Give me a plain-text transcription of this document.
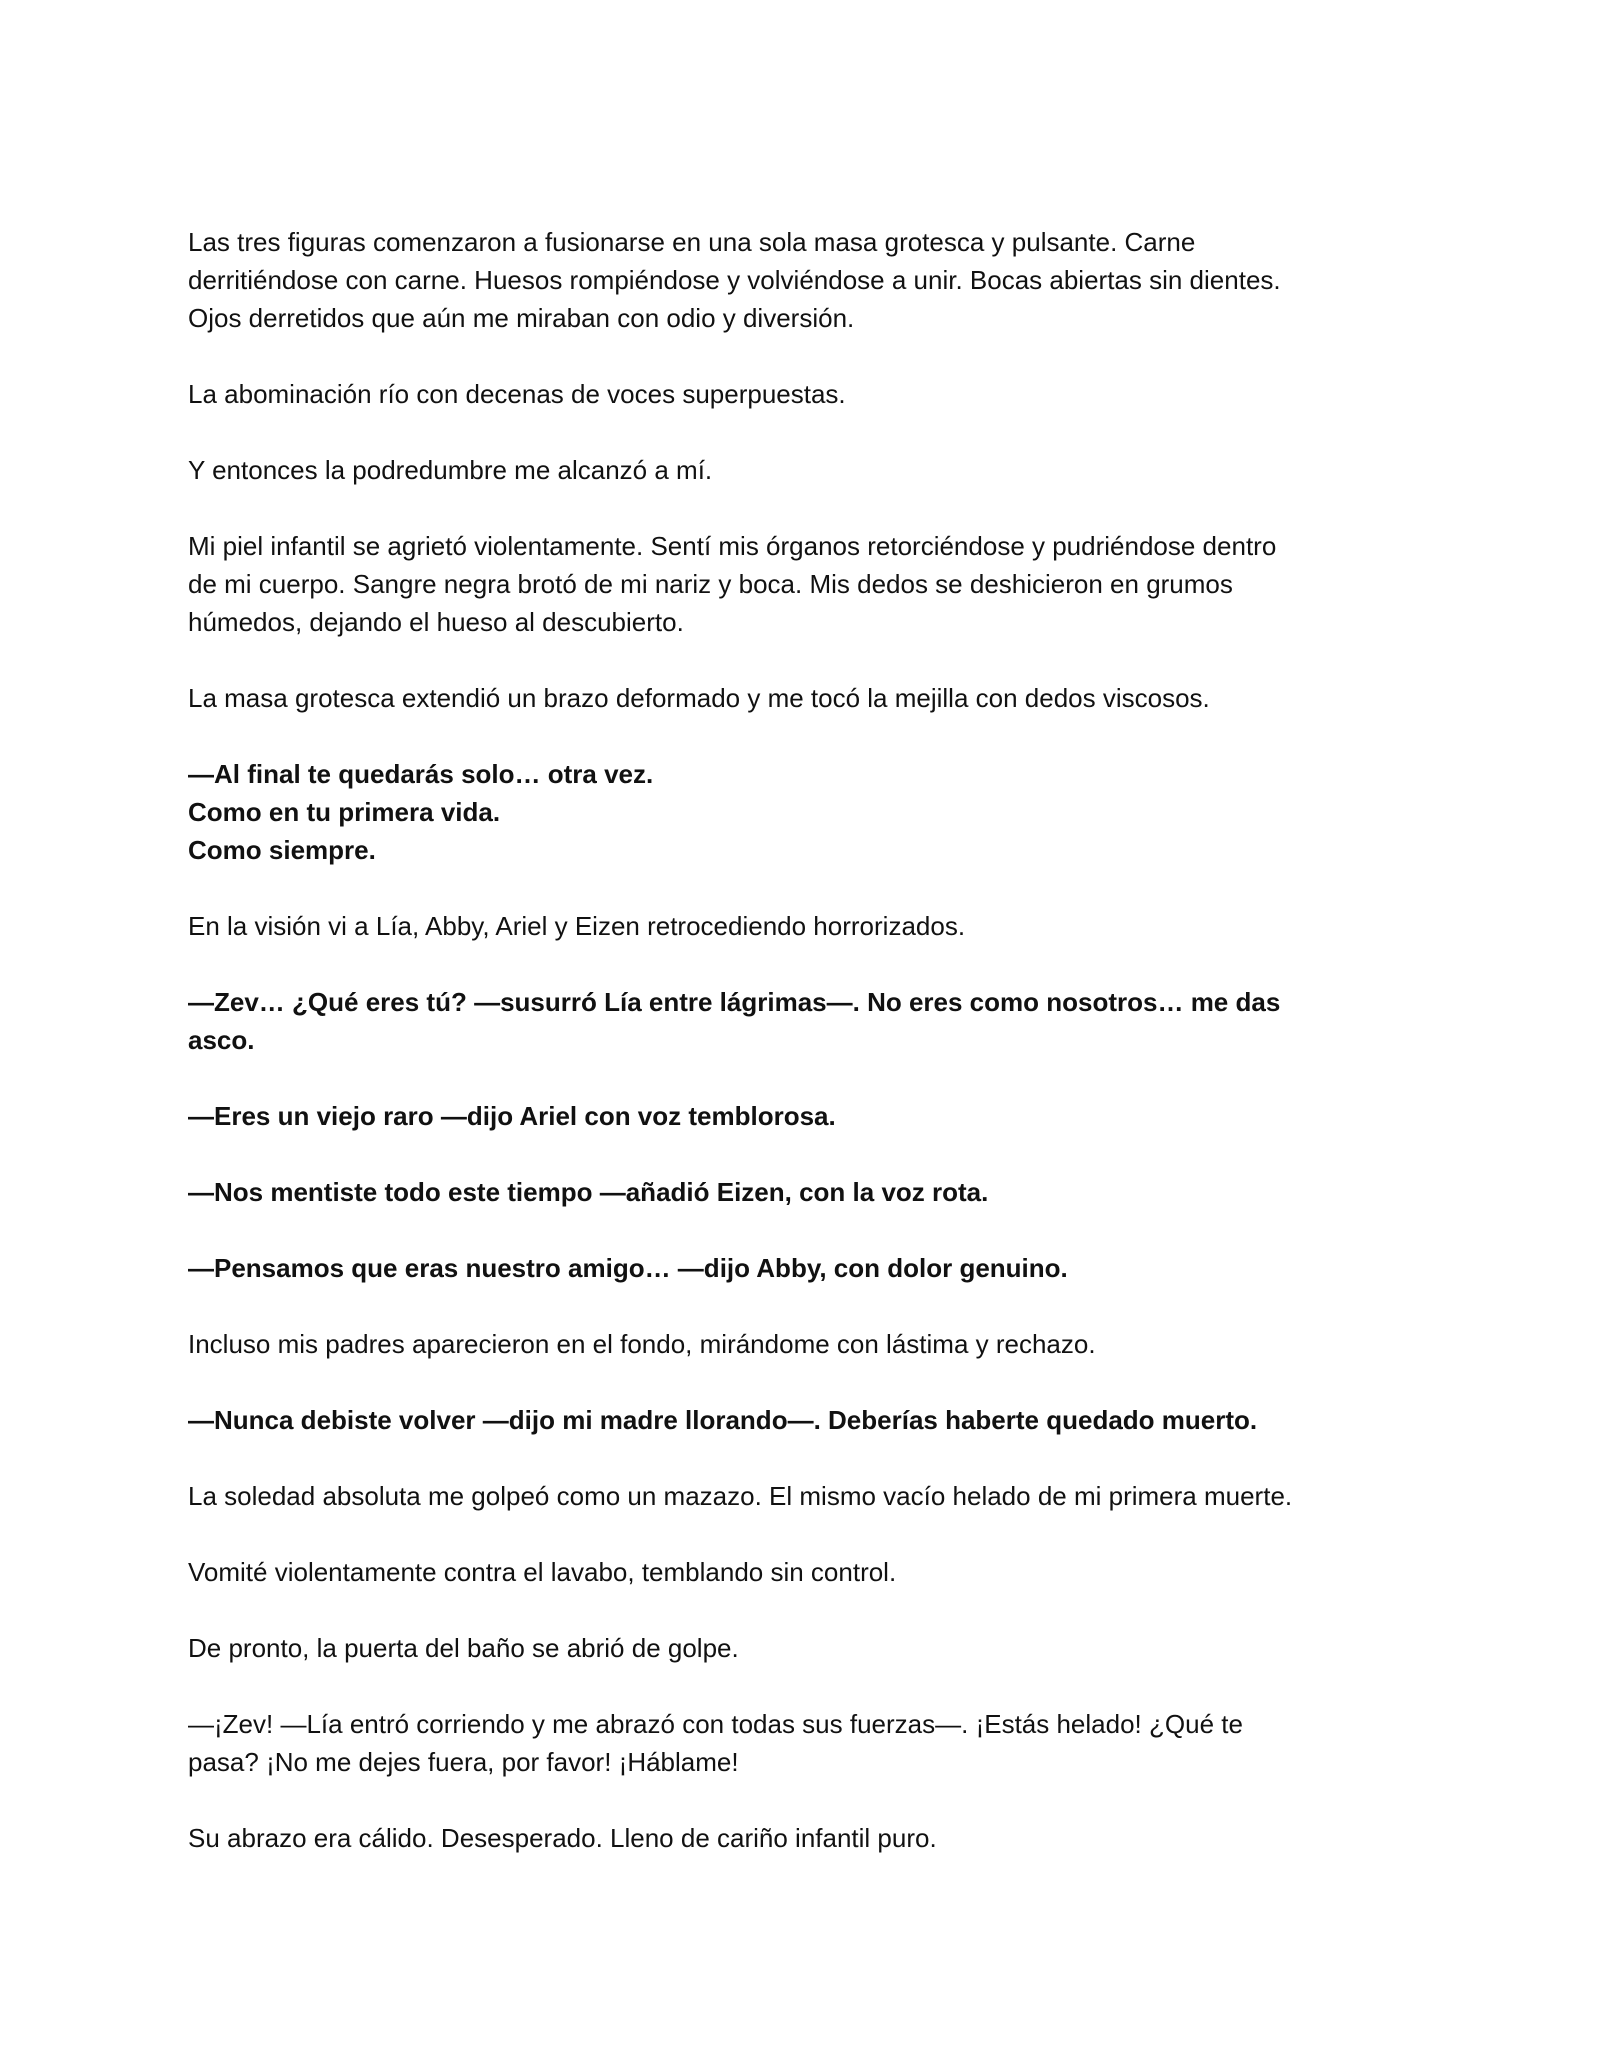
Las tres figuras comenzaron a fusionarse en una sola masa grotesca y pulsante. Carne
derritiéndose con carne. Huesos rompiéndose y volviéndose a unir. Bocas abiertas sin dientes.
Ojos derretidos que aún me miraban con odio y diversión.

La abominación río con decenas de voces superpuestas.

Y entonces la podredumbre me alcanzó a mí.

Mi piel infantil se agrietó violentamente. Sentí mis órganos retorciéndose y pudriéndose dentro
de mi cuerpo. Sangre negra brotó de mi nariz y boca. Mis dedos se deshicieron en grumos
húmedos, dejando el hueso al descubierto.

La masa grotesca extendió un brazo deformado y me tocó la mejilla con dedos viscosos.

—Al final te quedarás solo… otra vez.
Como en tu primera vida.
Como siempre.

En la visión vi a Lía, Abby, Ariel y Eizen retrocediendo horrorizados.

—Zev… ¿Qué eres tú? —susurró Lía entre lágrimas—. No eres como nosotros… me das
asco.

—Eres un viejo raro —dijo Ariel con voz temblorosa.

—Nos mentiste todo este tiempo —añadió Eizen, con la voz rota.

—Pensamos que eras nuestro amigo… —dijo Abby, con dolor genuino.

Incluso mis padres aparecieron en el fondo, mirándome con lástima y rechazo.

—Nunca debiste volver —dijo mi madre llorando—. Deberías haberte quedado muerto.

La soledad absoluta me golpeó como un mazazo. El mismo vacío helado de mi primera muerte.

Vomité violentamente contra el lavabo, temblando sin control.

De pronto, la puerta del baño se abrió de golpe.

—¡Zev! —Lía entró corriendo y me abrazó con todas sus fuerzas—. ¡Estás helado! ¿Qué te
pasa? ¡No me dejes fuera, por favor! ¡Háblame!

Su abrazo era cálido. Desesperado. Lleno de cariño infantil puro.
